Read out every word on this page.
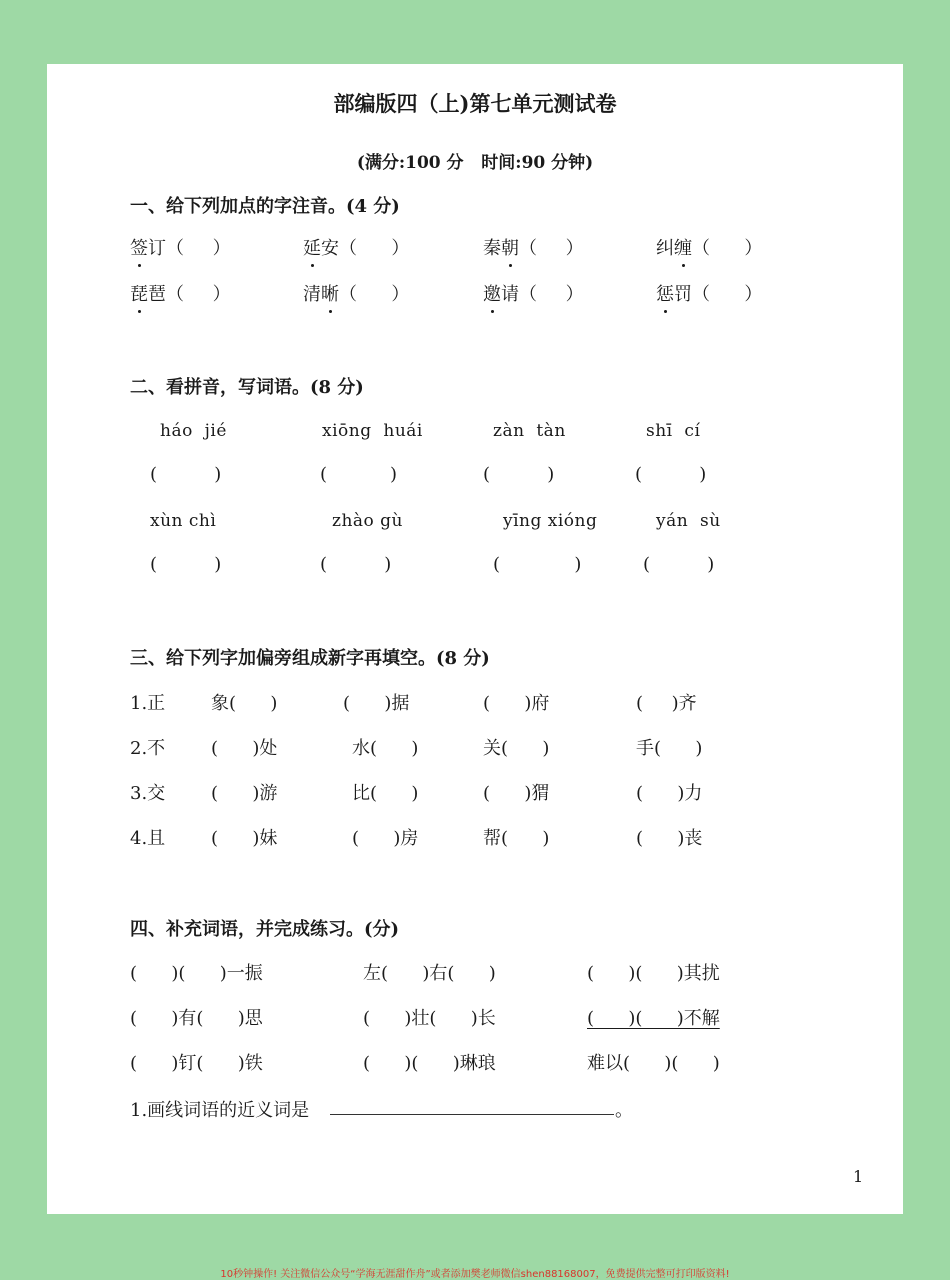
部编版四（上)第七单元测试卷
(满分:100 分   时间:90 分钟)
一、给下列加点的字注音。(4 分)
签订（     ）	延安（      ）	秦朝（     ）	纠缠（      ）
琵琶（     ）	清晰（      ）	邀请（     ）	惩罚（      ）
二、看拼音，写词语。(8 分)
háo  jié	xiōng  huái	zàn  tàn	shī  cí
(          )	(           )	(          )	(          )
xùn chì	zhào gù	yīng xióng	yán  sù
(          )	(          )	(             )	(          )
三、给下列字加偏旁组成新字再填空。(8 分)
1.正	象(      )	(      )据	(      )府	(     )齐
2.不	(      )处	水(      )	关(      )	手(      )
3.交	(      )游	比(      )	(      )猬	(      )力
4.且	(      )妹	(      )房	帮(      )	(      )丧
四、补充词语，并完成练习。(分)
(      )(      )一振	左(      )右(      )	(      )(      )其扰
(      )有(      )思	(      )壮(      )长	(      )(      )不解
(      )钉(      )铁	(      )(      )琳琅	难以(      )(      )
1.画线词语的近义词是	。
1
10秒钟操作! 关注微信公众号“学海无涯甜作舟”或者添加樊老师微信shen88168007，免费提供完整可打印版资料!
